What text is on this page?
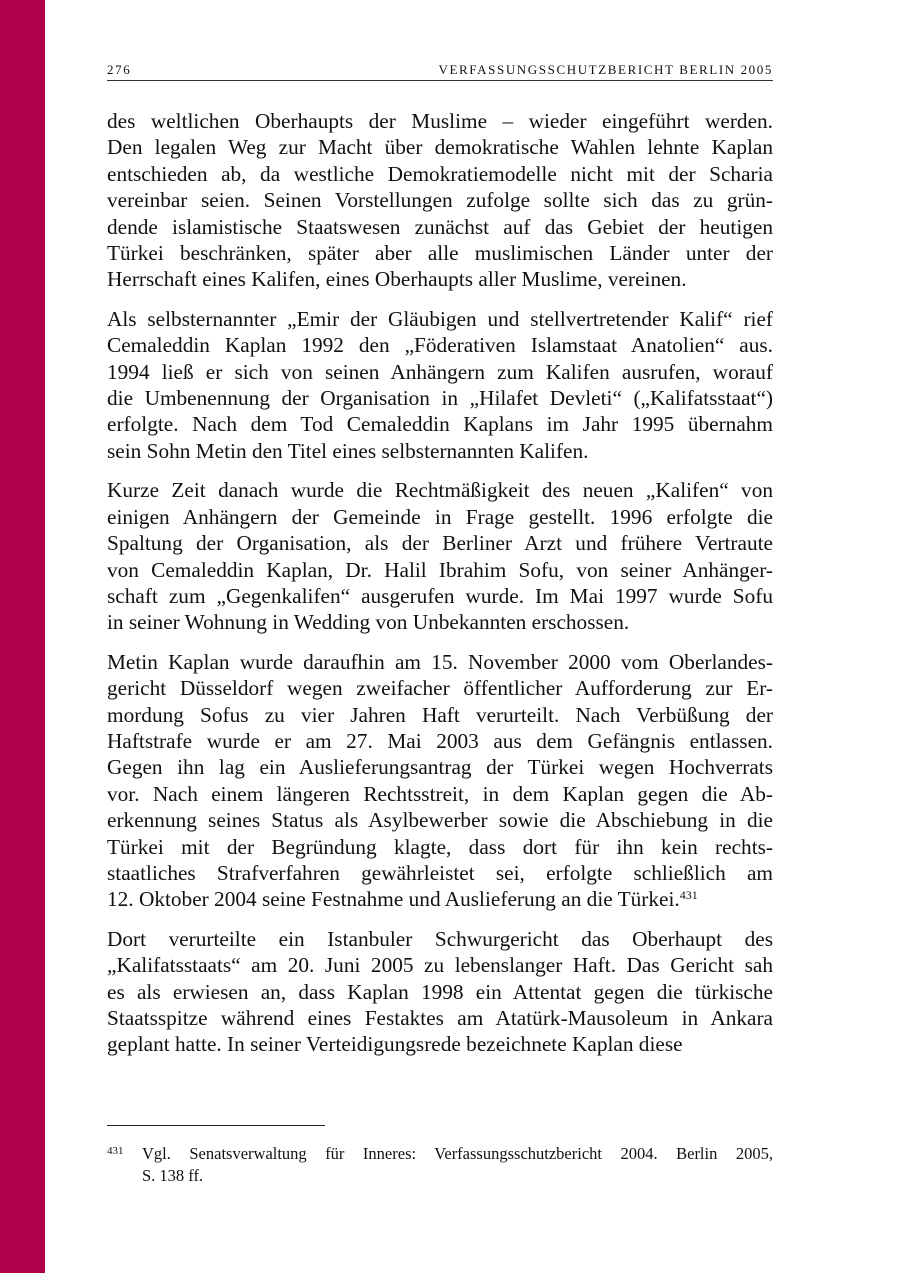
276	VERFASSUNGSSCHUTZBERICHT BERLIN 2005
des weltlichen Oberhaupts der Muslime – wieder eingeführt werden.
Den legalen Weg zur Macht über demokratische Wahlen lehnte Kaplan
entschieden ab, da westliche Demokratiemodelle nicht mit der Scharia
vereinbar seien. Seinen Vorstellungen zufolge sollte sich das zu grün-
dende islamistische Staatswesen zunächst auf das Gebiet der heutigen
Türkei beschränken, später aber alle muslimischen Länder unter der
Herrschaft eines Kalifen, eines Oberhaupts aller Muslime, vereinen.
Als selbsternannter „Emir der Gläubigen und stellvertretender Kalif“ rief
Cemaleddin Kaplan 1992 den „Föderativen Islamstaat Anatolien“ aus.
1994 ließ er sich von seinen Anhängern zum Kalifen ausrufen, worauf
die Umbenennung der Organisation in „Hilafet Devleti“ („Kalifatsstaat“)
erfolgte. Nach dem Tod Cemaleddin Kaplans im Jahr 1995 übernahm
sein Sohn Metin den Titel eines selbsternannten Kalifen.
Kurze Zeit danach wurde die Rechtmäßigkeit des neuen „Kalifen“ von
einigen Anhängern der Gemeinde in Frage gestellt. 1996 erfolgte die
Spaltung der Organisation, als der Berliner Arzt und frühere Vertraute
von Cemaleddin Kaplan, Dr. Halil Ibrahim Sofu, von seiner Anhänger-
schaft zum „Gegenkalifen“ ausgerufen wurde. Im Mai 1997 wurde Sofu
in seiner Wohnung in Wedding von Unbekannten erschossen.
Metin Kaplan wurde daraufhin am 15. November 2000 vom Oberlandes-
gericht Düsseldorf wegen zweifacher öffentlicher Aufforderung zur Er-
mordung Sofus zu vier Jahren Haft verurteilt. Nach Verbüßung der
Haftstrafe wurde er am 27. Mai 2003 aus dem Gefängnis entlassen.
Gegen ihn lag ein Auslieferungsantrag der Türkei wegen Hochverrats
vor. Nach einem längeren Rechtsstreit, in dem Kaplan gegen die Ab-
erkennung seines Status als Asylbewerber sowie die Abschiebung in die
Türkei mit der Begründung klagte, dass dort für ihn kein rechts-
staatliches Strafverfahren gewährleistet sei, erfolgte schließlich am
12. Oktober 2004 seine Festnahme und Auslieferung an die Türkei.$^{431}$
Dort verurteilte ein Istanbuler Schwurgericht das Oberhaupt des
„Kalifatsstaats“ am 20. Juni 2005 zu lebenslanger Haft. Das Gericht sah
es als erwiesen an, dass Kaplan 1998 ein Attentat gegen die türkische
Staatsspitze während eines Festaktes am Atatürk-Mausoleum in Ankara
geplant hatte. In seiner Verteidigungsrede bezeichnete Kaplan diese
431 Vgl. Senatsverwaltung für Inneres: Verfassungsschutzbericht 2004. Berlin 2005,
S. 138 ff.
